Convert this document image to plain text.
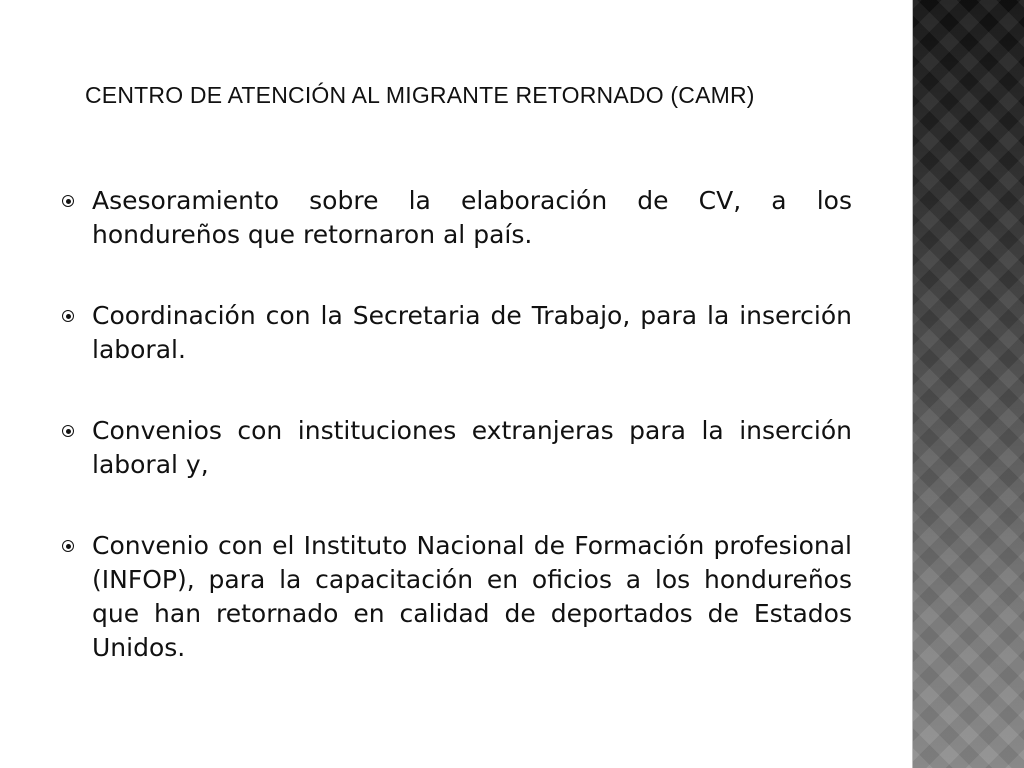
CENTRO DE ATENCIÓN AL MIGRANTE RETORNADO (CAMR)
Asesoramiento sobre la elaboración de CV, a los hondureños que retornaron al país.
Coordinación con la Secretaria de Trabajo, para la inserción laboral.
Convenios con instituciones extranjeras para la inserción laboral y,
Convenio con el Instituto Nacional de Formación profesional (INFOP), para la capacitación en oficios a los hondureños que han retornado en calidad de deportados de Estados Unidos.
